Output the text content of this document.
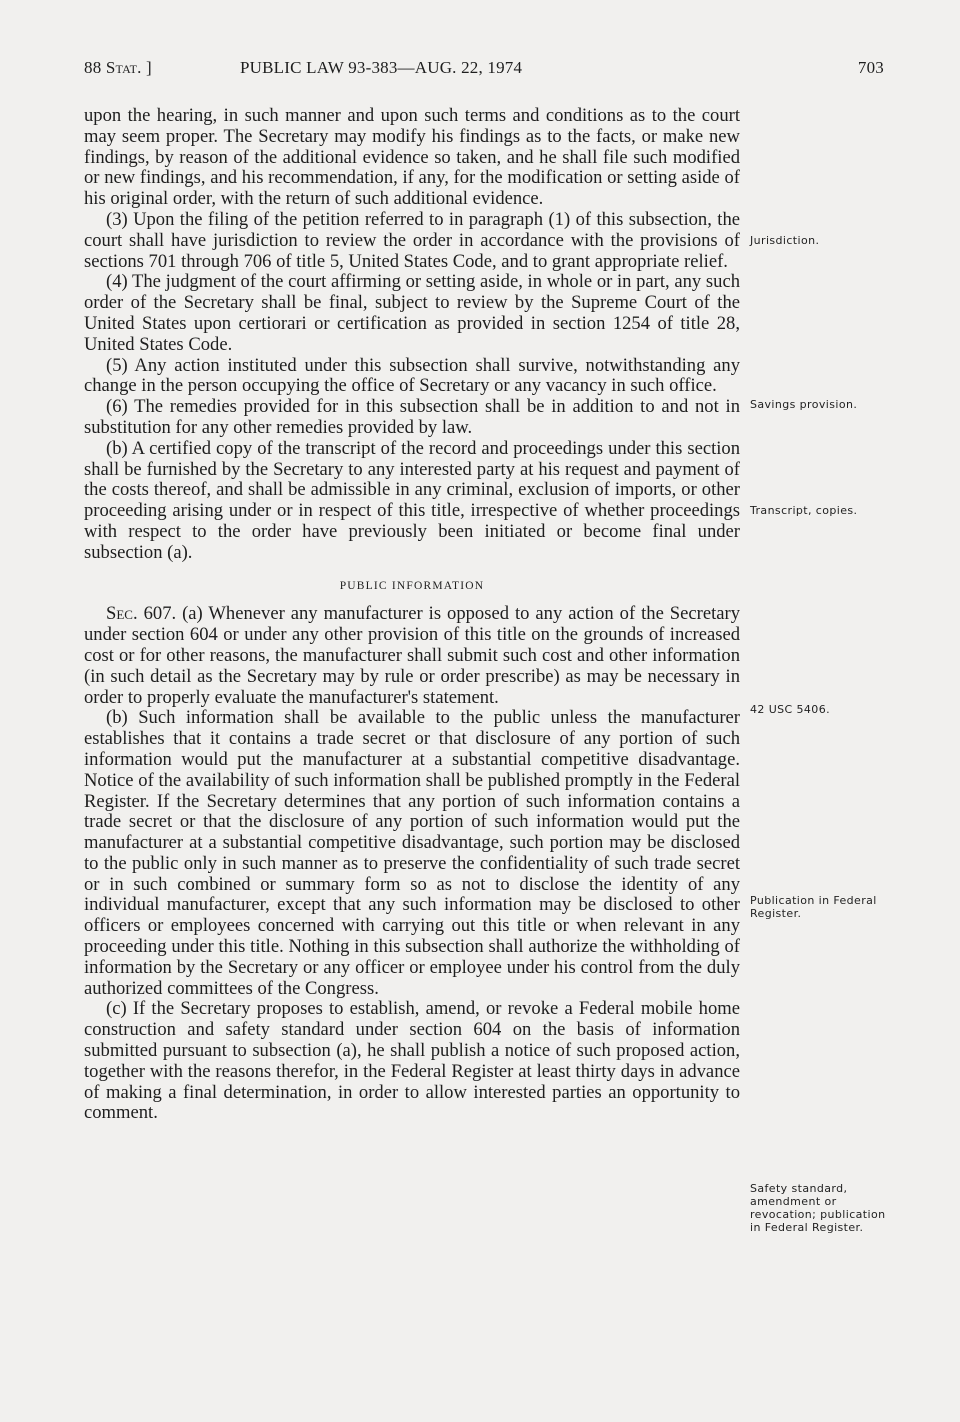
88 Stat. ]	PUBLIC LAW 93-383—AUG. 22, 1974	703

upon the hearing, in such manner and upon such terms and conditions as to the court may seem proper. The Secretary may modify his findings as to the facts, or make new findings, by reason of the additional evidence so taken, and he shall file such modified or new findings, and his recommendation, if any, for the modification or setting aside of his original order, with the return of such additional evidence.

(3) Upon the filing of the petition referred to in paragraph (1) of this subsection, the court shall have jurisdiction to review the order in accordance with the provisions of sections 701 through 706 of title 5, United States Code, and to grant appropriate relief.

(4) The judgment of the court affirming or setting aside, in whole or in part, any such order of the Secretary shall be final, subject to review by the Supreme Court of the United States upon certiorari or certification as provided in section 1254 of title 28, United States Code.

(5) Any action instituted under this subsection shall survive, notwithstanding any change in the person occupying the office of Secretary or any vacancy in such office.

(6) The remedies provided for in this subsection shall be in addition to and not in substitution for any other remedies provided by law.

(b) A certified copy of the transcript of the record and proceedings under this section shall be furnished by the Secretary to any interested party at his request and payment of the costs thereof, and shall be admissible in any criminal, exclusion of imports, or other proceeding arising under or in respect of this title, irrespective of whether proceedings with respect to the order have previously been initiated or become final under subsection (a).

PUBLIC INFORMATION

Sec. 607. (a) Whenever any manufacturer is opposed to any action of the Secretary under section 604 or under any other provision of this title on the grounds of increased cost or for other reasons, the manufacturer shall submit such cost and other information (in such detail as the Secretary may by rule or order prescribe) as may be necessary in order to properly evaluate the manufacturer's statement.

(b) Such information shall be available to the public unless the manufacturer establishes that it contains a trade secret or that disclosure of any portion of such information would put the manufacturer at a substantial competitive disadvantage. Notice of the availability of such information shall be published promptly in the Federal Register. If the Secretary determines that any portion of such information contains a trade secret or that the disclosure of any portion of such information would put the manufacturer at a substantial competitive disadvantage, such portion may be disclosed to the public only in such manner as to preserve the confidentiality of such trade secret or in such combined or summary form so as not to disclose the identity of any individual manufacturer, except that any such information may be disclosed to other officers or employees concerned with carrying out this title or when relevant in any proceeding under this title. Nothing in this subsection shall authorize the withholding of information by the Secretary or any officer or employee under his control from the duly authorized committees of the Congress.

(c) If the Secretary proposes to establish, amend, or revoke a Federal mobile home construction and safety standard under section 604 on the basis of information submitted pursuant to subsection (a), he shall publish a notice of such proposed action, together with the reasons therefor, in the Federal Register at least thirty days in advance of making a final determination, in order to allow interested parties an opportunity to comment.

Jurisdiction.
Savings provision.
Transcript, copies.
42 USC 5406.
Publication in Federal Register.
Safety standard, amendment or revocation; publication in Federal Register.
